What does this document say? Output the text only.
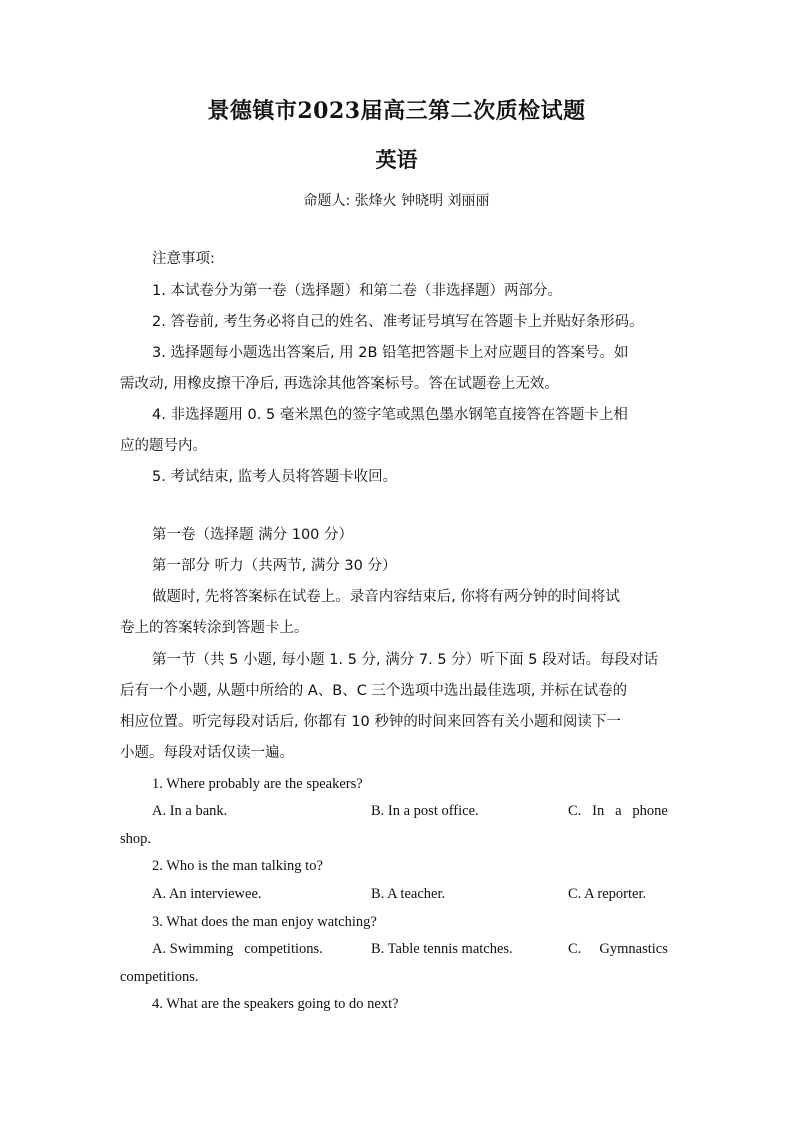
景德镇市2023届高三第二次质检试题
英语
命题人: 张烽火 钟晓明 刘丽丽
注意事项:
1. 本试卷分为第一卷（选择题）和第二卷（非选择题）两部分。
2. 答卷前, 考生务必将自己的姓名、准考证号填写在答题卡上并贴好条形码。
3. 选择题每小题选出答案后, 用 2B 铅笔把答题卡上对应题目的答案号。如
需改动, 用橡皮擦干净后, 再选涂其他答案标号。答在试题卷上无效。
4. 非选择题用 0. 5 毫米黑色的签字笔或黑色墨水钢笔直接答在答题卡上相
应的题号内。
5. 考试结束, 监考人员将答题卡收回。
第一卷（选择题 满分 100 分）
第一部分 听力（共两节, 满分 30 分）
做题时, 先将答案标在试卷上。录音内容结束后, 你将有两分钟的时间将试
卷上的答案转涂到答题卡上。
第一节（共 5 小题, 每小题 1. 5 分, 满分 7. 5 分）听下面 5 段对话。每段对话
后有一个小题, 从题中所给的 A、B、C 三个选项中选出最佳选项, 并标在试卷的
相应位置。听完每段对话后, 你都有 10 秒钟的时间来回答有关小题和阅读下一
小题。每段对话仅读一遍。
1. Where probably are the speakers?
A. In a bank.	B. In a post office.	C.   In   a   phone
shop.
2. Who is the man talking to?
A. An interviewee.	B. A teacher.	C. A reporter.
3. What does the man enjoy watching?
A. Swimming   competitions.	B. Table tennis matches.	C.     Gymnastics
competitions.
4. What are the speakers going to do next?
